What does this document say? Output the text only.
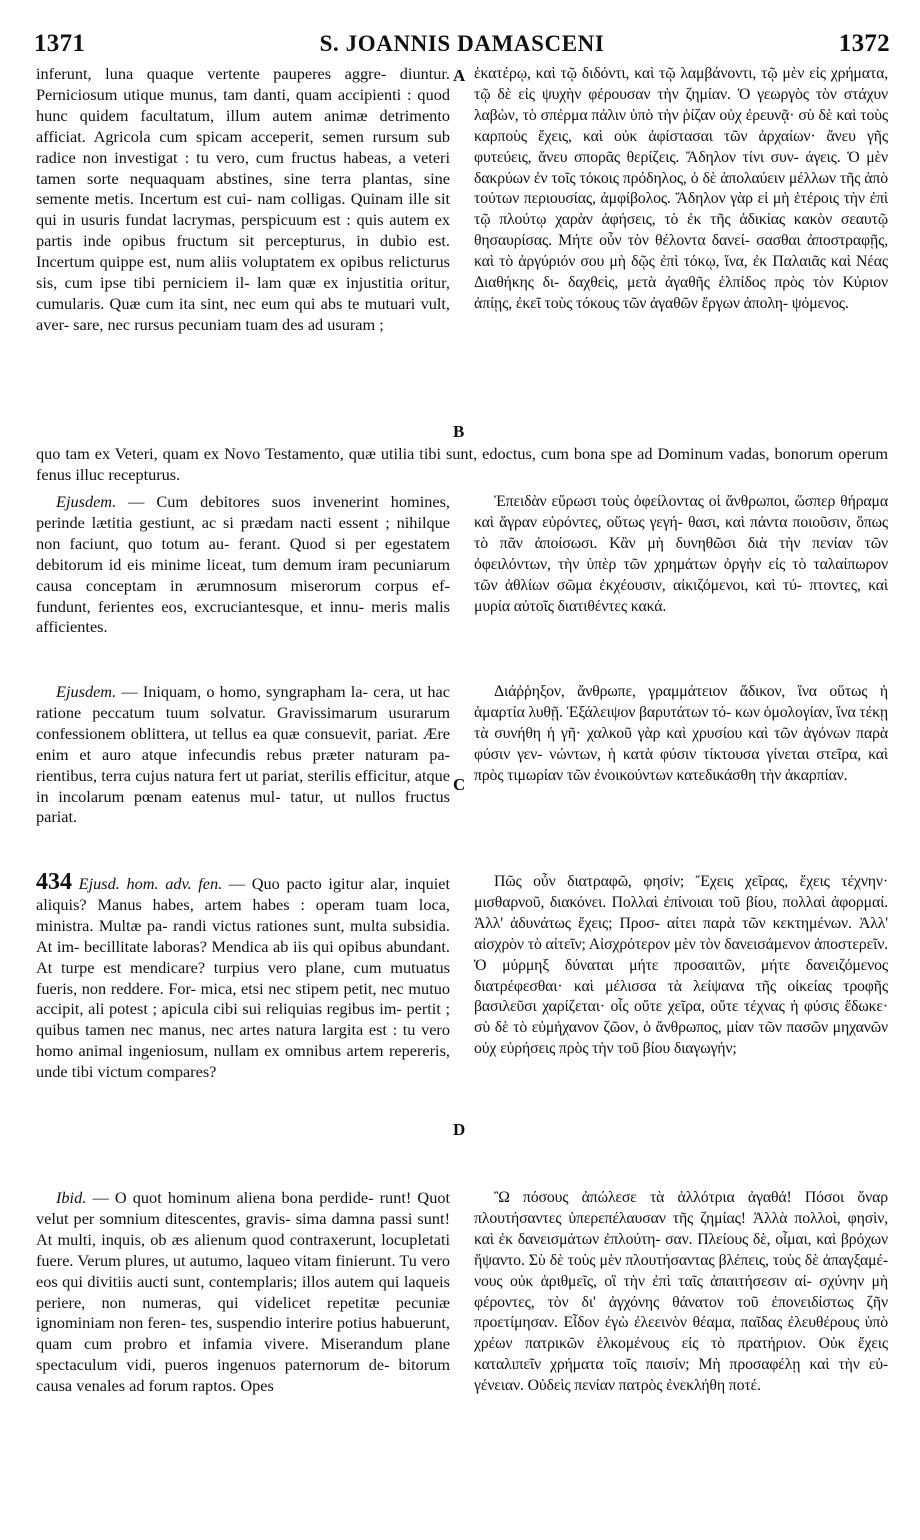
1371	S. JOANNIS DAMASCENI	1372

inferunt, luna quaque vertente pauperes aggre- diuntur. Perniciosum utique munus, tam danti, quam accipienti : quod hunc quidem facultatum, illum autem animæ detrimento afficiat. Agricola cum spicam acceperit, semen rursum sub radice non investigat : tu vero, cum fructus habeas, a veteri tamen sorte nequaquam abstines, sine terra plantas, sine semente metis. Incertum est cui- nam colligas. Quinam ille sit qui in usuris fundat lacrymas, perspicuum est : quis autem ex partis inde opibus fructum sit percepturus, in dubio est. Incertum quippe est, num aliis voluptatem ex opibus relicturus sis, cum ipse tibi perniciem il- lam quæ ex injustitia oritur, cumularis. Quæ cum ita sint, nec eum qui abs te mutuari vult, aver- sare, nec rursus pecuniam tuam des ad usuram ;

ἑκατέρῳ, καὶ τῷ διδόντι, καὶ τῷ λαμβάνοντι, τῷ μὲν εἰς χρήματα, τῷ δὲ εἰς ψυχὴν φέρουσαν τὴν ζημίαν. Ὁ γεωργὸς τὸν στάχυν λαβὼν, τὸ σπέρμα πάλιν ὑπὸ τὴν ῥίζαν οὐχ ἐρευνᾷ· σὺ δὲ καὶ τοὺς καρποὺς ἔχεις, καὶ οὐκ ἀφίστασαι τῶν ἀρχαίων· ἄνευ γῆς φυτεύεις, ἄνευ σπορᾶς θερίζεις. Ἄδηλον τίνι συν- άγεις. Ὁ μὲν δακρύων ἐν τοῖς τόκοις πρόδηλος, ὁ δὲ ἀπολαύειν μέλλων τῆς ἀπὸ τούτων περιουσίας, ἀμφίβολος. Ἄδηλον γὰρ εἰ μὴ ἑτέροις τὴν ἐπὶ τῷ πλούτῳ χαρὰν ἀφήσεις, τὸ ἐκ τῆς ἀδικίας κακὸν σεαυτῷ θησαυρίσας. Μήτε οὖν τὸν θέλοντα δανεί- σασθαι ἀποστραφῇς, καὶ τὸ ἀργύριόν σου μὴ δῷς ἐπὶ τόκῳ, ἵνα, ἐκ Παλαιᾶς καὶ Νέας Διαθήκης δι- δαχθεὶς, μετὰ ἀγαθῆς ἐλπίδος πρὸς τὸν Κύριον ἀπίῃς, ἐκεῖ τοὺς τόκους τῶν ἀγαθῶν ἔργων ἀπολη- ψόμενος.

A
B

quo tam ex Veteri, quam ex Novo Testamento, quæ utilia tibi sunt, edoctus, cum bona spe ad Dominum vadas, bonorum operum fenus illuc recepturus.

Ejusdem. — Cum debitores suos invenerint homines, perinde lætitia gestiunt, ac si prædam nacti essent ; nihilque non faciunt, quo totum au- ferant. Quod si per egestatem debitorum id eis minime liceat, tum demum iram pecuniarum causa conceptam in ærumnosum miserorum corpus ef- fundunt, ferientes eos, excruciantesque, et innu- meris malis afficientes.

Ἐπειδὰν εὕρωσι τοὺς ὀφείλοντας οἱ ἄνθρωποι, ὥσπερ θήραμα καὶ ἄγραν εὑρόντες, οὕτως γεγή- θασι, καὶ πάντα ποιοῦσιν, ὅπως τὸ πᾶν ἀποίσωσι. Κἂν μὴ δυνηθῶσι διὰ τὴν πενίαν τῶν ὀφειλόντων, τὴν ὑπὲρ τῶν χρημάτων ὀργὴν εἰς τὸ ταλαίπωρον τῶν ἀθλίων σῶμα ἐκχέουσιν, αἰκιζόμενοι, καὶ τύ- πτοντες, καὶ μυρία αὐτοῖς διατιθέντες κακά.

Ejusdem. — Iniquam, o homo, syngrapham la- cera, ut hac ratione peccatum tuum solvatur. Gravissimarum usurarum confessionem oblittera, ut tellus ea quæ consuevit, pariat. Ære enim et auro atque infecundis rebus præter naturam pa- rientibus, terra cujus natura fert ut pariat, sterilis efficitur, atque in incolarum pœnam eatenus mul- tatur, ut nullos fructus pariat.

Διάῤῥηξον, ἄνθρωπε, γραμμάτειον ἄδικον, ἵνα οὕτως ἡ ἁμαρτία λυθῇ. Ἐξάλειψον βαρυτάτων τό- κων ὁμολογίαν, ἵνα τέκῃ τὰ συνήθη ἡ γῆ· χαλκοῦ γὰρ καὶ χρυσίου καὶ τῶν ἀγόνων παρὰ φύσιν γεν- νώντων, ἡ κατὰ φύσιν τίκτουσα γίνεται στεῖρα, καὶ πρὸς τιμωρίαν τῶν ἐνοικούντων κατεδικάσθη τὴν ἀκαρπίαν.

C

434 Ejusd. hom. adv. fen. — Quo pacto igitur alar, inquiet aliquis? Manus habes, artem habes : operam tuam loca, ministra. Multæ pa- randi victus rationes sunt, multa subsidia. At im- becillitate laboras? Mendica ab iis qui opibus abundant. At turpe est mendicare? turpius vero plane, cum mutuatus fueris, non reddere. For- mica, etsi nec stipem petit, nec mutuo accipit, ali potest ; apicula cibi sui reliquias regibus im- pertit ; quibus tamen nec manus, nec artes natura largita est : tu vero homo animal ingeniosum, nullam ex omnibus artem repereris, unde tibi victum compares?

Πῶς οὖν διατραφῶ, φησίν; Ἔχεις χεῖρας, ἔχεις τέχνην· μισθαρνοῦ, διακόνει. Πολλαὶ ἐπίνοιαι τοῦ βίου, πολλαὶ ἀφορμαί. Ἀλλ' ἀδυνάτως ἔχεις; Προσ- αίτει παρὰ τῶν κεκτημένων. Ἀλλ' αἰσχρὸν τὸ αἰτεῖν; Αἰσχρότερον μὲν τὸν δανεισάμενον ἀποστερεῖν. Ὁ μύρμηξ δύναται μήτε προσαιτῶν, μήτε δανειζόμενος διατρέφεσθαι· καὶ μέλισσα τὰ λείψανα τῆς οἰκείας τροφῆς βασιλεῦσι χαρίζεται· οἷς οὔτε χεῖρα, οὔτε τέχνας ἡ φύσις ἔδωκε· σὺ δὲ τὸ εὐμήχανον ζῶον, ὁ ἄνθρωπος, μίαν τῶν πασῶν μηχανῶν οὐχ εὑρήσεις πρὸς τὴν τοῦ βίου διαγωγήν;

D

Ibid. — O quot hominum aliena bona perdide- runt! Quot velut per somnium ditescentes, gravis- sima damna passi sunt! At multi, inquis, ob æs alienum quod contraxerunt, locupletati fuere. Verum plures, ut autumo, laqueo vitam finierunt. Tu vero eos qui divitiis aucti sunt, contemplaris; illos autem qui laqueis periere, non numeras, qui videlicet repetitæ pecuniæ ignominiam non feren- tes, suspendio interire potius habuerunt, quam cum probro et infamia vivere. Miserandum plane spectaculum vidi, pueros ingenuos paternorum de- bitorum causa venales ad forum raptos. Opes

Ὢ πόσους ἀπώλεσε τὰ ἀλλότρια ἀγαθά! Πόσοι ὄναρ πλουτήσαντες ὑπερεπέλαυσαν τῆς ζημίας! Ἀλλὰ πολλοὶ, φησὶν, καὶ ἐκ δανεισμάτων ἐπλούτη- σαν. Πλείους δὲ, οἶμαι, καὶ βρόχων ἥψαντο. Σὺ δὲ τοὺς μὲν πλουτήσαντας βλέπεις, τοὺς δὲ ἀπαγξαμέ- νους οὐκ ἀριθμεῖς, οἳ τὴν ἐπὶ ταῖς ἀπαιτήσεσιν αἰ- σχύνην μὴ φέροντες, τὸν δι' ἀγχόνης θάνατον τοῦ ἐπονειδίστως ζῆν προετίμησαν. Εἶδον ἐγὼ ἐλεεινὸν θέαμα, παῖδας ἐλευθέρους ὑπὸ χρέων πατρικῶν ἑλκομένους εἰς τὸ πρατήριον. Οὐκ ἔχεις καταλιπεῖν χρήματα τοῖς παισίν; Μὴ προσαφέλῃ καὶ τὴν εὐ- γένειαν. Οὐδεὶς πενίαν πατρὸς ἐνεκλήθη ποτέ.
